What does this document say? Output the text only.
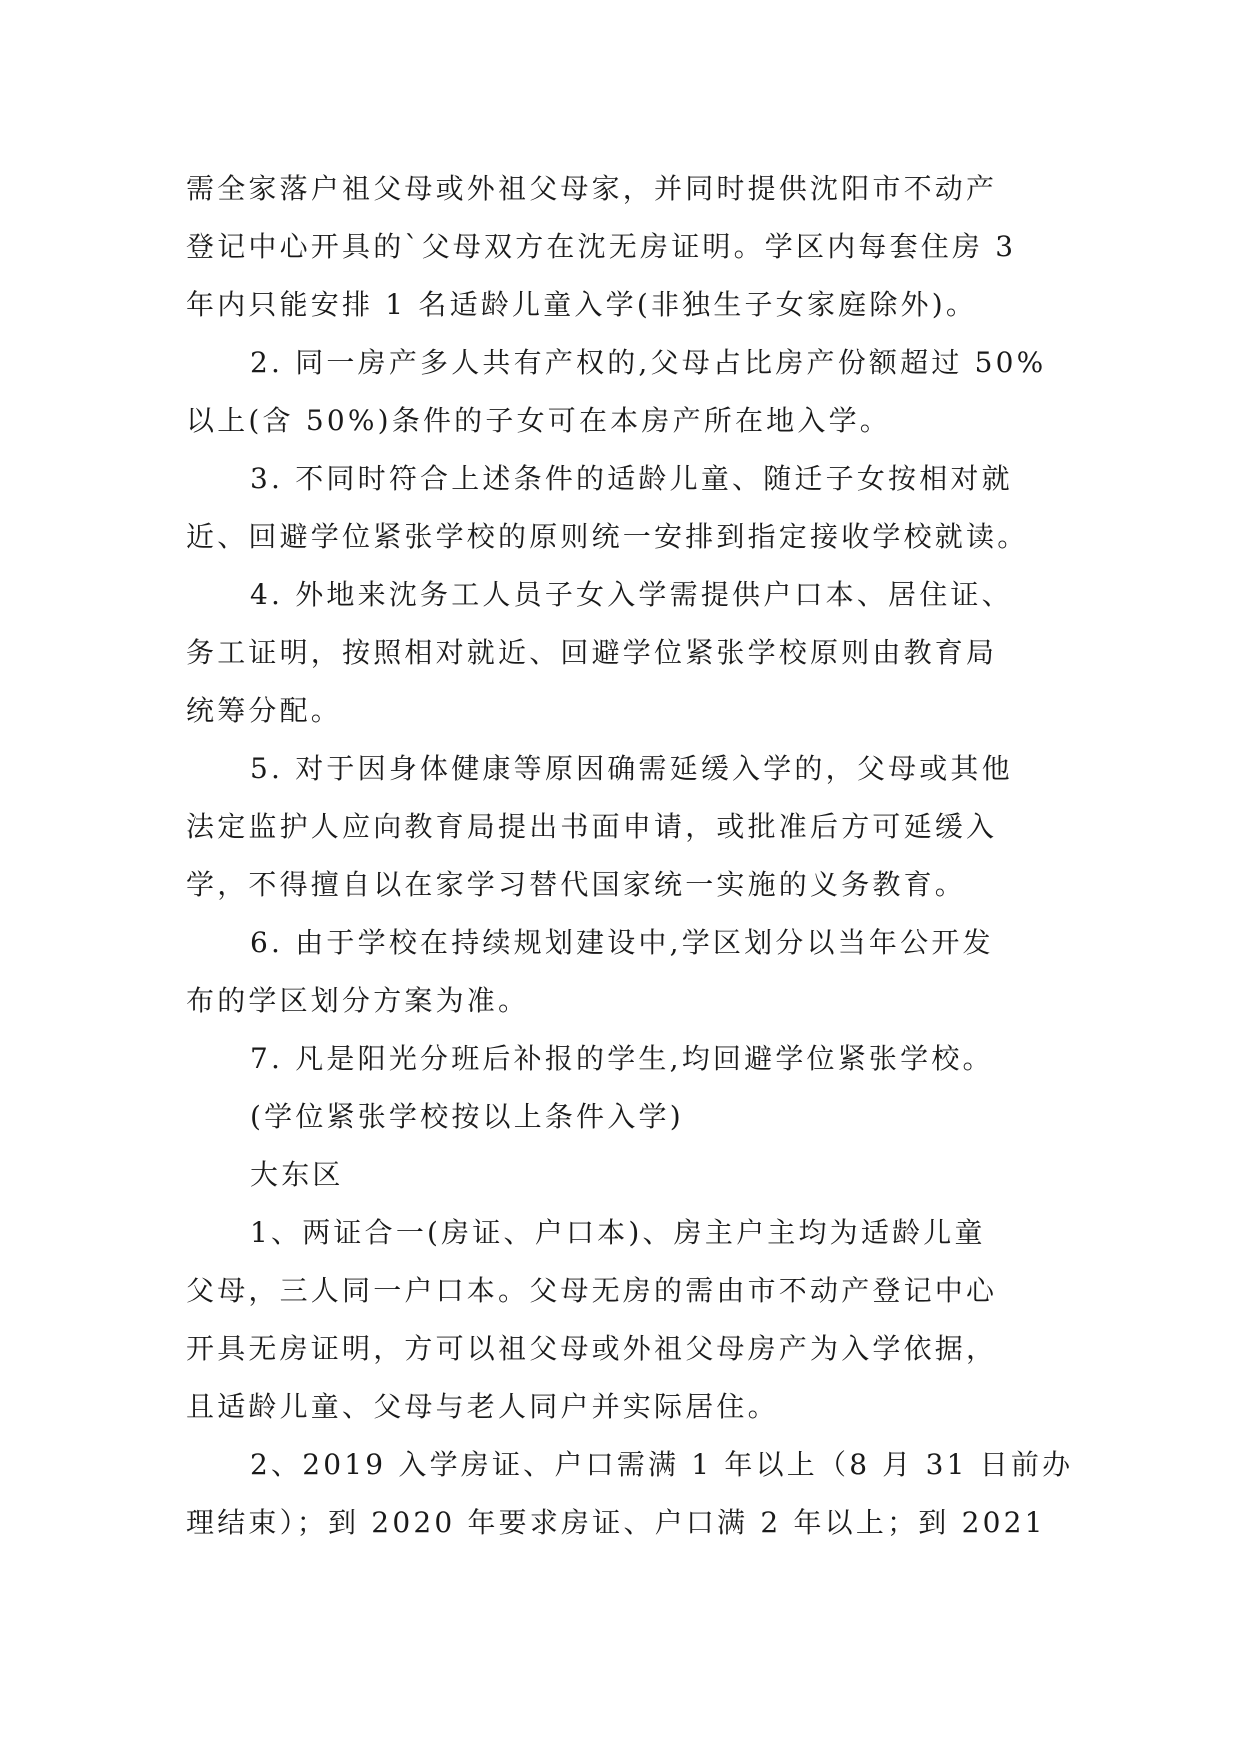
需全家落户祖父母或外祖父母家，并同时提供沈阳市不动产
登记中心开具的`父母双方在沈无房证明。学区内每套住房 3
年内只能安排 1 名适龄儿童入学(非独生子女家庭除外)。
2. 同一房产多人共有产权的,父母占比房产份额超过 50%
以上(含 50%)条件的子女可在本房产所在地入学。
3. 不同时符合上述条件的适龄儿童、随迁子女按相对就
近、回避学位紧张学校的原则统一安排到指定接收学校就读。
4. 外地来沈务工人员子女入学需提供户口本、居住证、
务工证明，按照相对就近、回避学位紧张学校原则由教育局
统筹分配。
5. 对于因身体健康等原因确需延缓入学的，父母或其他
法定监护人应向教育局提出书面申请，或批准后方可延缓入
学，不得擅自以在家学习替代国家统一实施的义务教育。
6. 由于学校在持续规划建设中,学区划分以当年公开发
布的学区划分方案为准。
7. 凡是阳光分班后补报的学生,均回避学位紧张学校。
(学位紧张学校按以上条件入学)
大东区
1、两证合一(房证、户口本)、房主户主均为适龄儿童
父母，三人同一户口本。父母无房的需由市不动产登记中心
开具无房证明，方可以祖父母或外祖父母房产为入学依据，
且适龄儿童、父母与老人同户并实际居住。
2、2019 入学房证、户口需满 1 年以上（8 月 31 日前办
理结束）；到 2020 年要求房证、户口满 2 年以上；到 2021
